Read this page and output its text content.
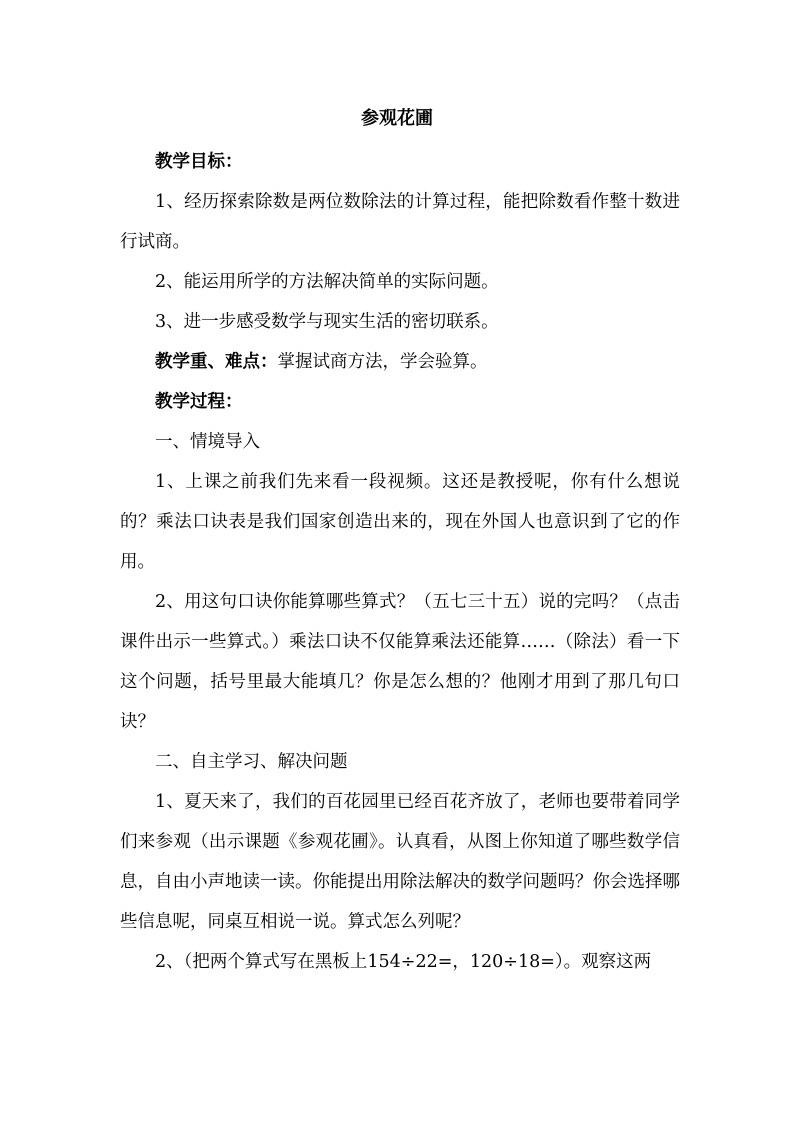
参观花圃

教学目标：

1、经历探索除数是两位数除法的计算过程，能把除数看作整十数进行试商。

2、能运用所学的方法解决简单的实际问题。

3、进一步感受数学与现实生活的密切联系。

教学重、难点：掌握试商方法，学会验算。

教学过程：

一、情境导入

1、上课之前我们先来看一段视频。这还是教授呢，你有什么想说的？乘法口诀表是我们国家创造出来的，现在外国人也意识到了它的作用。

2、用这句口诀你能算哪些算式？（五七三十五）说的完吗？（点击课件出示一些算式。）乘法口诀不仅能算乘法还能算……（除法）看一下这个问题，括号里最大能填几？你是怎么想的？他刚才用到了那几句口诀？

二、自主学习、解决问题

1、夏天来了，我们的百花园里已经百花齐放了，老师也要带着同学们来参观（出示课题《参观花圃》。认真看，从图上你知道了哪些数学信息，自由小声地读一读。你能提出用除法解决的数学问题吗？你会选择哪些信息呢，同桌互相说一说。算式怎么列呢？

2、（把两个算式写在黑板上154÷22=，120÷18=）。观察这两
